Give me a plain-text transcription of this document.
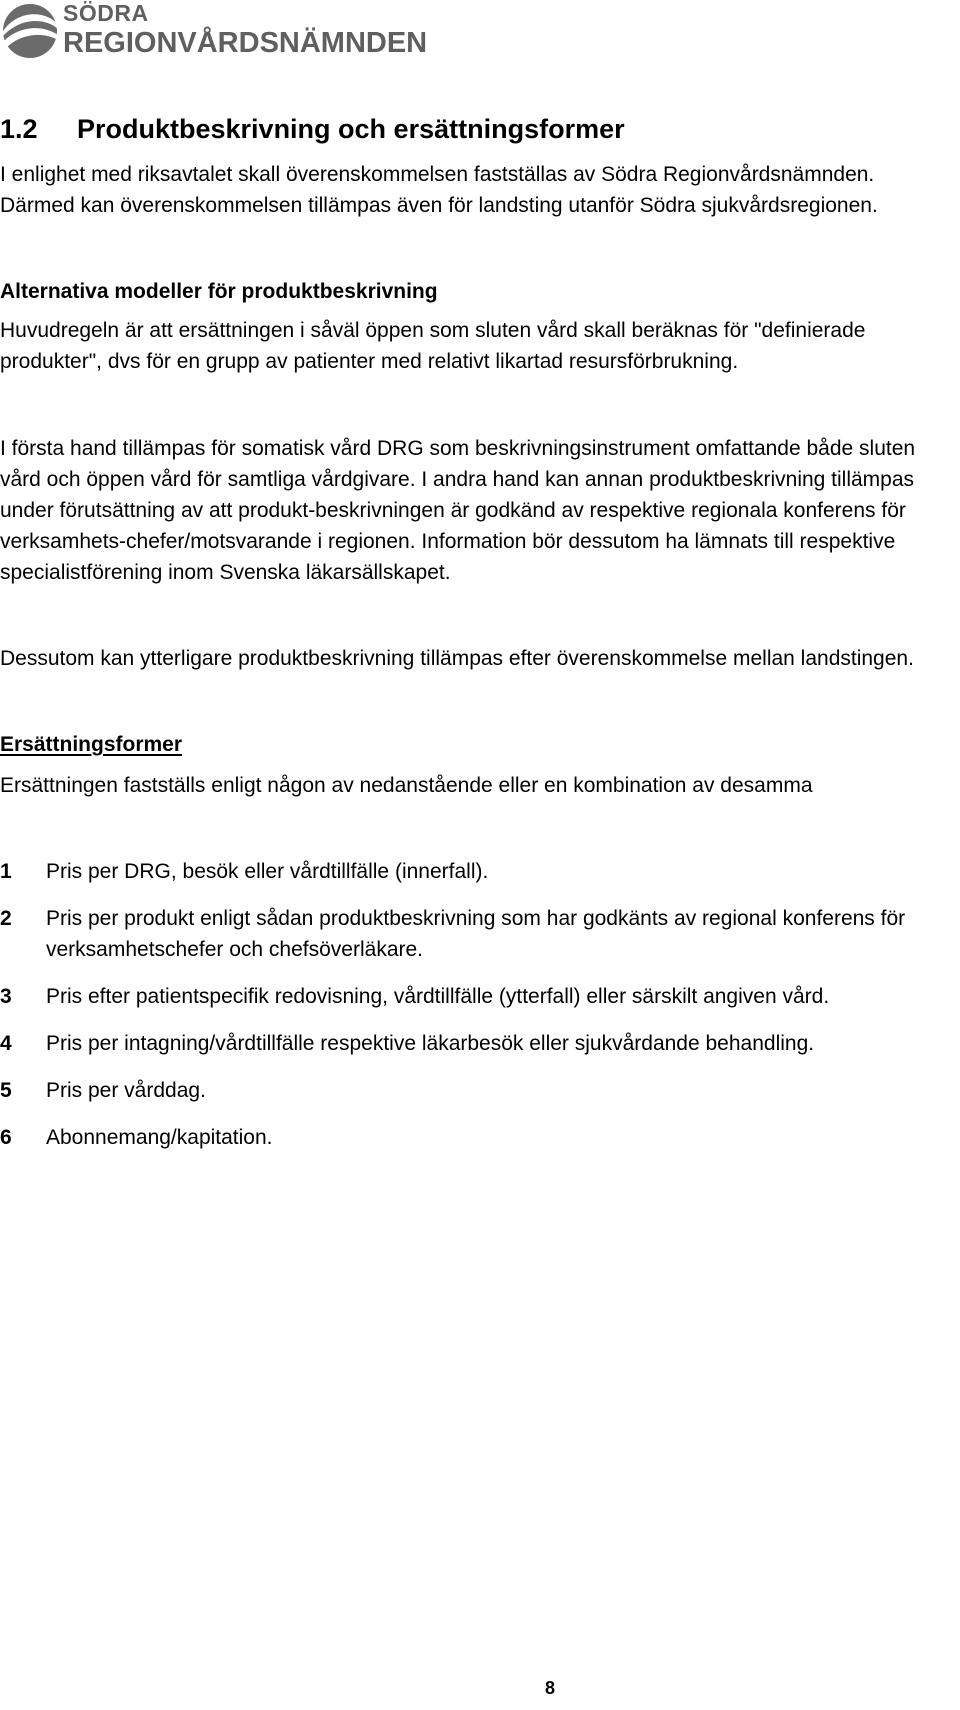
SÖDRA
REGIONVÅRDSNÄMNDEN
1.2 Produktbeskrivning och ersättningsformer

I enlighet med riksavtalet skall överenskommelsen fastställas av Södra Regionvårdsnämnden. Därmed kan överenskommelsen tillämpas även för landsting utanför Södra sjukvårdsregionen.

Alternativa modeller för produktbeskrivning

Huvudregeln är att ersättningen i såväl öppen som sluten vård skall beräknas för "definierade produkter", dvs för en grupp av patienter med relativt likartad resursförbrukning.

I första hand tillämpas för somatisk vård DRG som beskrivningsinstrument omfattande både sluten vård och öppen vård för samtliga vårdgivare. I andra hand kan annan produktbeskrivning tillämpas under förutsättning av att produkt-beskrivningen är godkänd av respektive regionala konferens för verksamhets-chefer/motsvarande i regionen. Information bör dessutom ha lämnats till respektive specialistförening inom Svenska läkarsällskapet.

Dessutom kan ytterligare produktbeskrivning tillämpas efter överenskommelse mellan landstingen.

Ersättningsformer

Ersättningen fastställs enligt någon av nedanstående eller en kombination av desamma

1 Pris per DRG, besök eller vårdtillfälle (innerfall).
2 Pris per produkt enligt sådan produktbeskrivning som har godkänts av regional konferens för verksamhetschefer och chefsöverläkare.
3 Pris efter patientspecifik redovisning, vårdtillfälle (ytterfall) eller särskilt angiven vård.
4 Pris per intagning/vårdtillfälle respektive läkarbesök eller sjukvårdande behandling.
5 Pris per vårddag.
6 Abonnemang/kapitation.
8
